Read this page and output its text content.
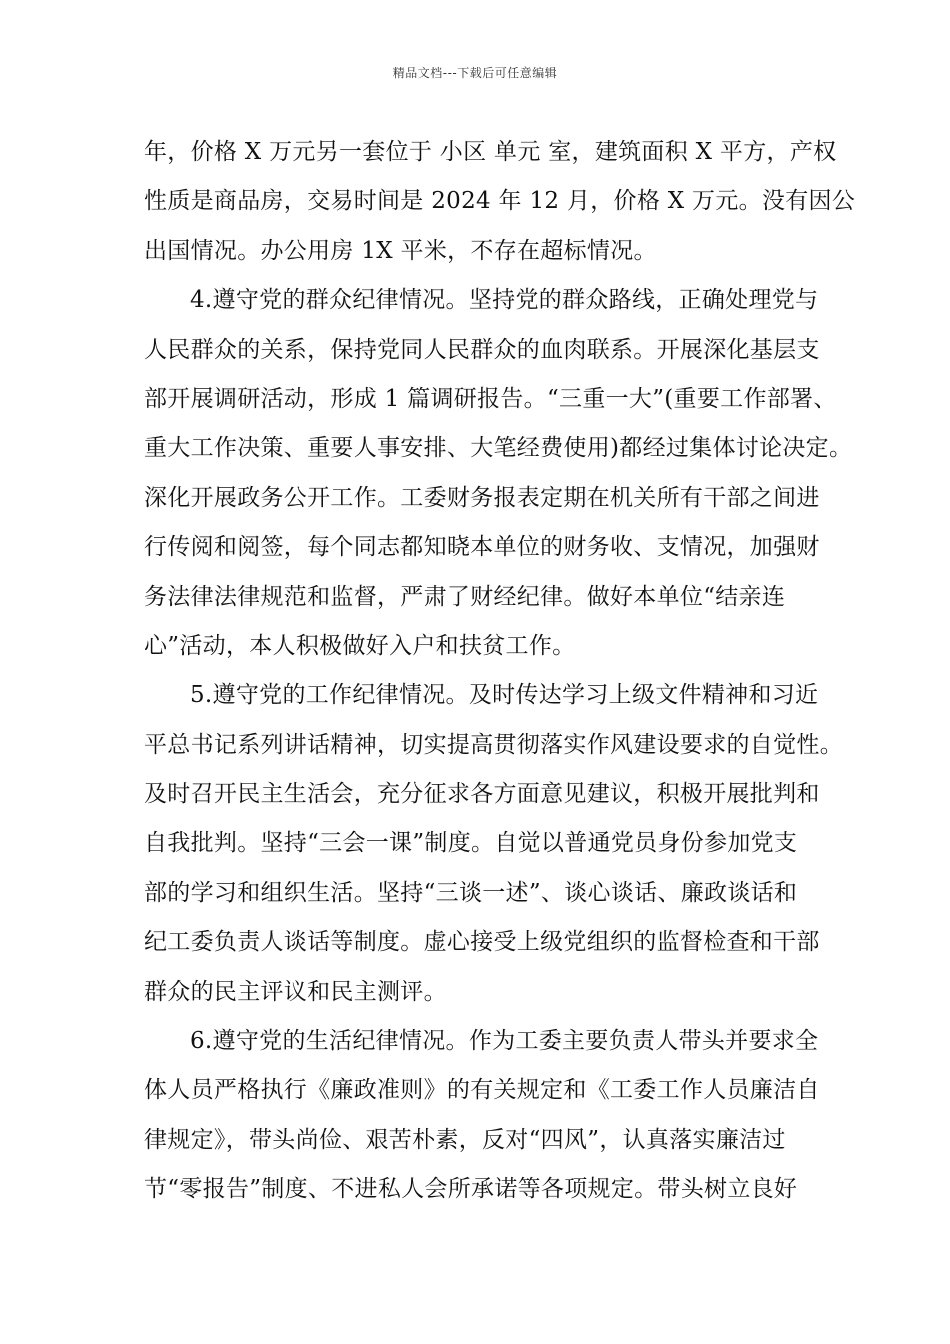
精品文档---下载后可任意编辑
年，价格 X 万元另一套位于 小区 单元 室，建筑面积 X 平方，产权
性质是商品房，交易时间是 2024 年 12 月，价格 X 万元。没有因公
出国情况。办公用房 1X 平米，不存在超标情况。
4.遵守党的群众纪律情况。坚持党的群众路线，正确处理党与
人民群众的关系，保持党同人民群众的血肉联系。开展深化基层支
部开展调研活动，形成 1 篇调研报告。“三重一大”(重要工作部署、
重大工作决策、重要人事安排、大笔经费使用)都经过集体讨论决定。
深化开展政务公开工作。工委财务报表定期在机关所有干部之间进
行传阅和阅签，每个同志都知晓本单位的财务收、支情况，加强财
务法律法律规范和监督，严肃了财经纪律。做好本单位“结亲连
心”活动，本人积极做好入户和扶贫工作。
5.遵守党的工作纪律情况。及时传达学习上级文件精神和习近
平总书记系列讲话精神，切实提高贯彻落实作风建设要求的自觉性。
及时召开民主生活会，充分征求各方面意见建议，积极开展批判和
自我批判。坚持“三会一课”制度。自觉以普通党员身份参加党支
部的学习和组织生活。坚持“三谈一述”、谈心谈话、廉政谈话和
纪工委负责人谈话等制度。虚心接受上级党组织的监督检查和干部
群众的民主评议和民主测评。
6.遵守党的生活纪律情况。作为工委主要负责人带头并要求全
体人员严格执行《廉政准则》的有关规定和《工委工作人员廉洁自
律规定》，带头尚俭、艰苦朴素，反对“四风”，认真落实廉洁过
节“零报告”制度、不进私人会所承诺等各项规定。带头树立良好
